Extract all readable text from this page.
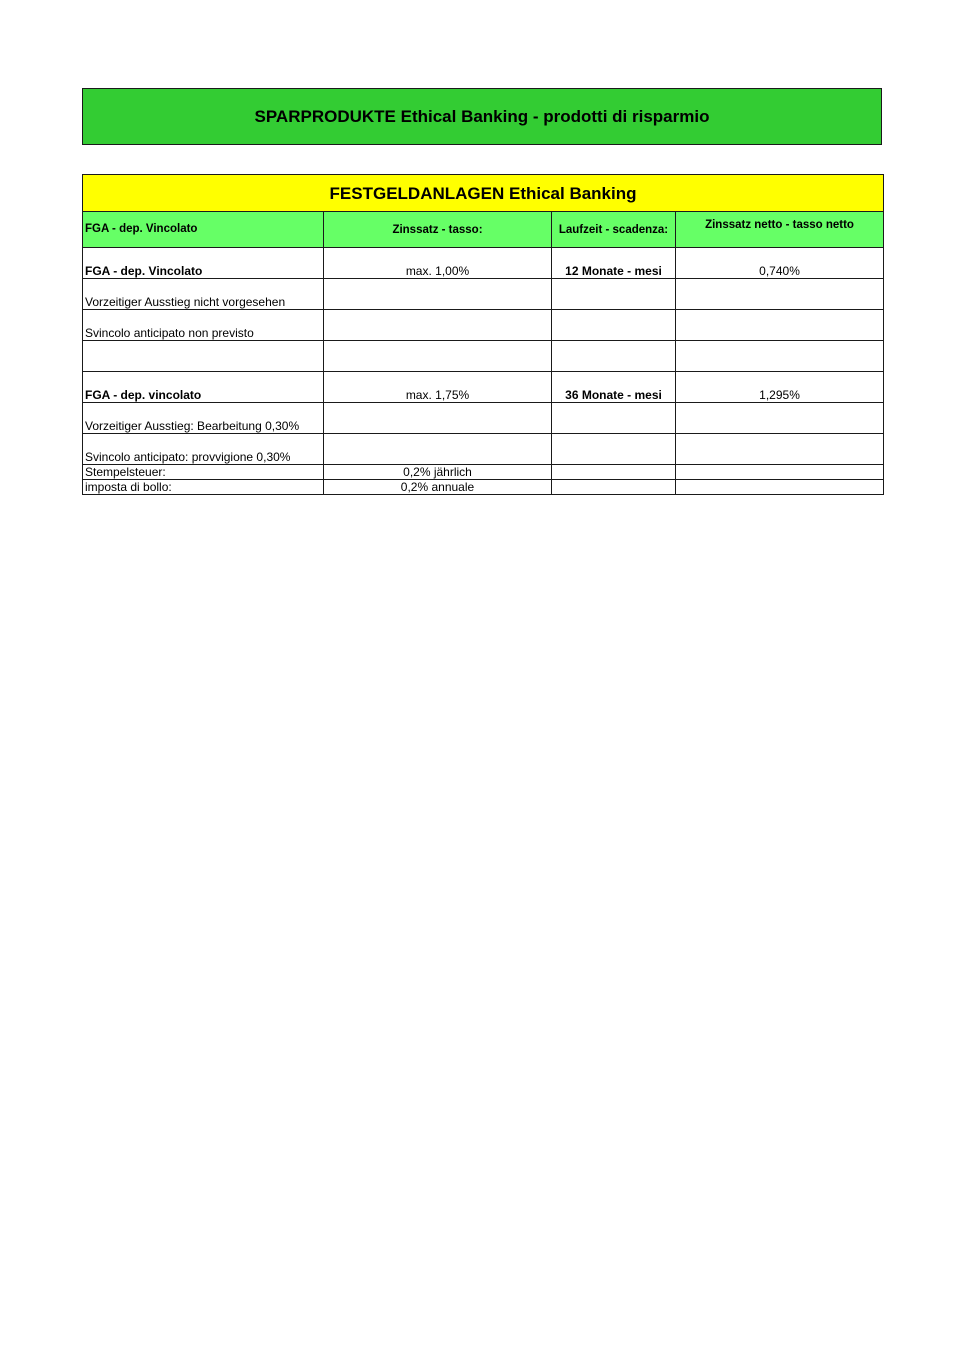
SPARPRODUKTE Ethical Banking - prodotti di risparmio
FESTGELDANLAGEN Ethical Banking			
FGA - dep. Vincolato	Zinssatz - tasso:	Laufzeit - scadenza:	Zinssatz netto - tasso netto
FGA - dep. Vincolato	max. 1,00%	12 Monate - mesi	0,740%
Vorzeitiger Ausstieg nicht vorgesehen			
Svincolo anticipato non previsto			

FGA - dep. vincolato	max. 1,75%	36 Monate - mesi	1,295%
Vorzeitiger Ausstieg: Bearbeitung 0,30%			
Svincolo anticipato: provvigione 0,30%			
Stempelsteuer:	0,2% jährlich		
imposta di bollo:	0,2% annuale		
